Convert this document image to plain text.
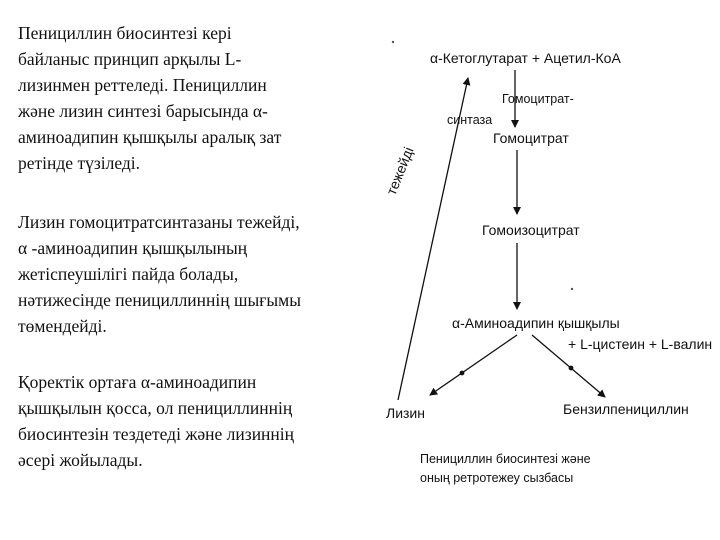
Пенициллин биосинтезі кері
байланыс принцип арқылы L-
лизинмен реттеледі. Пенициллин
және лизин синтезі барысында α-
аминоадипин қышқылы аралық зат
ретінде түзіледі.

Лизин гомоцитратсинтазаны тежейді,
α -аминоадипин қышқылының
жетіспеушілігі пайда болады,
нәтижесінде пенициллиннің шығымы
төмендейді.

Қоректік ортаға α-аминоадипин
қышқылын қосса, ол пенициллиннің
биосинтезін тездетеді және лизиннің
әсері жойылады.

α-Кетоглутарат + Ацетил-КоА
Гомоцитрат-
синтаза
Гомоцитрат
Гомоизоцитрат
α-Аминоадипин қышқылы
+ L-цистеин + L-валин
Лизин	Бензилпенициллин
тежейді

Пенициллин биосинтезі және
оның ретротежеу сызбасы
